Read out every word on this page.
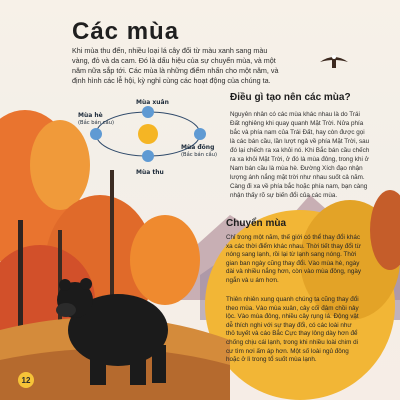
Các mùa

Khi mùa thu đến, nhiều loại lá cây đổi từ màu xanh sang màu vàng, đỏ và da cam. Đó là dấu hiệu của sự chuyển mùa, và một năm nữa sắp tới. Các mùa là những điểm nhấn cho một năm, và định hình các lễ hội, kỳ nghỉ cùng các hoạt động của chúng ta.

Mùa xuân
Mùa hè
(Bắc bán cầu)
Mùa đông
(Bắc bán cầu)
Mùa thu
Điều gì tạo nên các mùa?

Nguyên nhân có các mùa khác nhau là do Trái Đất nghiêng khi quay quanh Mặt Trời. Nửa phía bắc và phía nam của Trái Đất, hay còn được gọi là các bán cầu, lần lượt ngả về phía Mặt Trời, sau đó lại chếch ra xa khỏi nó. Khi Bắc bán cầu chếch ra xa khỏi Mặt Trời, ở đó là mùa đông, trong khi ở Nam bán cầu là mùa hè. Đường Xích đạo nhận lượng ánh nắng mặt trời như nhau suốt cả năm. Càng đi xa về phía bắc hoặc phía nam, bạn càng nhận thấy rõ sự biến đổi của các mùa.

Chuyển mùa

Chỉ trong một năm, thế giới có thể thay đổi khác xa các thời điểm khác nhau. Thời tiết thay đổi từ nóng sang lạnh, rồi lại từ lạnh sang nóng. Thời gian ban ngày cũng thay đổi. Vào mùa hè, ngày dài và nhiều nắng hơn, còn vào mùa đông, ngày ngắn và u ám hơn.

Thiên nhiên xung quanh chúng ta cũng thay đổi theo mùa. Vào mùa xuân, cây cối đâm chồi nảy lộc. Vào mùa đông, nhiều cây rụng lá. Động vật dễ thích nghi với sự thay đổi, có các loài như thỏ tuyết và cáo Bắc Cực thay lông dày hơn để chống chịu cái lạnh, trong khi nhiều loài chim di cư tìm nơi ấm áp hơn. Một số loài ngủ đông hoặc ở lì trong tổ suốt mùa lạnh.

12
